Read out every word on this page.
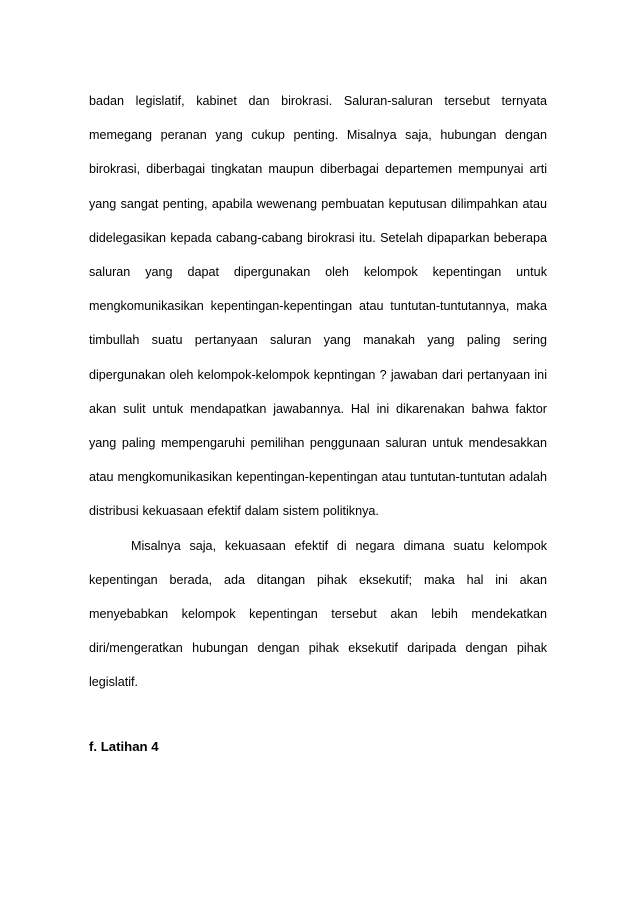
badan legislatif, kabinet dan birokrasi. Saluran-saluran tersebut ternyata memegang peranan yang cukup penting. Misalnya saja, hubungan dengan birokrasi, diberbagai tingkatan maupun diberbagai departemen mempunyai arti yang sangat penting, apabila wewenang pembuatan keputusan dilimpahkan atau didelegasikan kepada cabang-cabang birokrasi itu. Setelah dipaparkan beberapa saluran yang dapat dipergunakan oleh kelompok kepentingan untuk mengkomunikasikan kepentingan-kepentingan atau tuntutan-tuntutannya, maka timbullah suatu pertanyaan saluran yang manakah yang paling sering dipergunakan oleh kelompok-kelompok kepntingan ? jawaban dari pertanyaan ini akan sulit untuk mendapatkan jawabannya. Hal ini dikarenakan bahwa faktor yang paling mempengaruhi pemilihan penggunaan saluran untuk mendesakkan atau mengkomunikasikan kepentingan-kepentingan atau tuntutan-tuntutan adalah distribusi kekuasaan efektif dalam sistem politiknya.

Misalnya saja, kekuasaan efektif di negara dimana suatu kelompok kepentingan berada, ada ditangan pihak eksekutif; maka hal ini akan menyebabkan kelompok kepentingan tersebut akan lebih mendekatkan diri/mengeratkan hubungan dengan pihak eksekutif daripada dengan pihak legislatif.

f. Latihan 4
